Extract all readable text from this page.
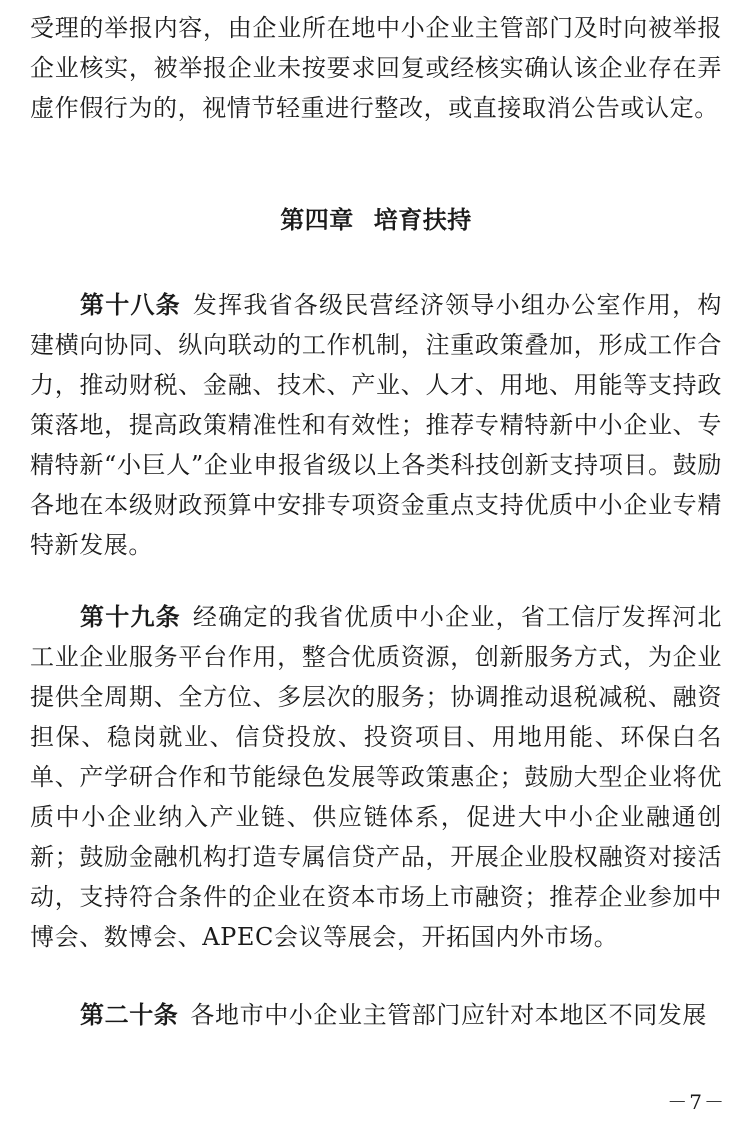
受理的举报内容，由企业所在地中小企业主管部门及时向被举报企业核实，被举报企业未按要求回复或经核实确认该企业存在弄虚作假行为的，视情节轻重进行整改，或直接取消公告或认定。

第四章 培育扶持

第十八条 发挥我省各级民营经济领导小组办公室作用，构建横向协同、纵向联动的工作机制，注重政策叠加，形成工作合力，推动财税、金融、技术、产业、人才、用地、用能等支持政策落地，提高政策精准性和有效性；推荐专精特新中小企业、专精特新“小巨人”企业申报省级以上各类科技创新支持项目。鼓励各地在本级财政预算中安排专项资金重点支持优质中小企业专精特新发展。

第十九条 经确定的我省优质中小企业，省工信厅发挥河北工业企业服务平台作用，整合优质资源，创新服务方式，为企业提供全周期、全方位、多层次的服务；协调推动退税减税、融资担保、稳岗就业、信贷投放、投资项目、用地用能、环保白名单、产学研合作和节能绿色发展等政策惠企；鼓励大型企业将优质中小企业纳入产业链、供应链体系，促进大中小企业融通创新；鼓励金融机构打造专属信贷产品，开展企业股权融资对接活动，支持符合条件的企业在资本市场上市融资；推荐企业参加中博会、数博会、APEC会议等展会，开拓国内外市场。

第二十条 各地市中小企业主管部门应针对本地区不同发展

－7－
